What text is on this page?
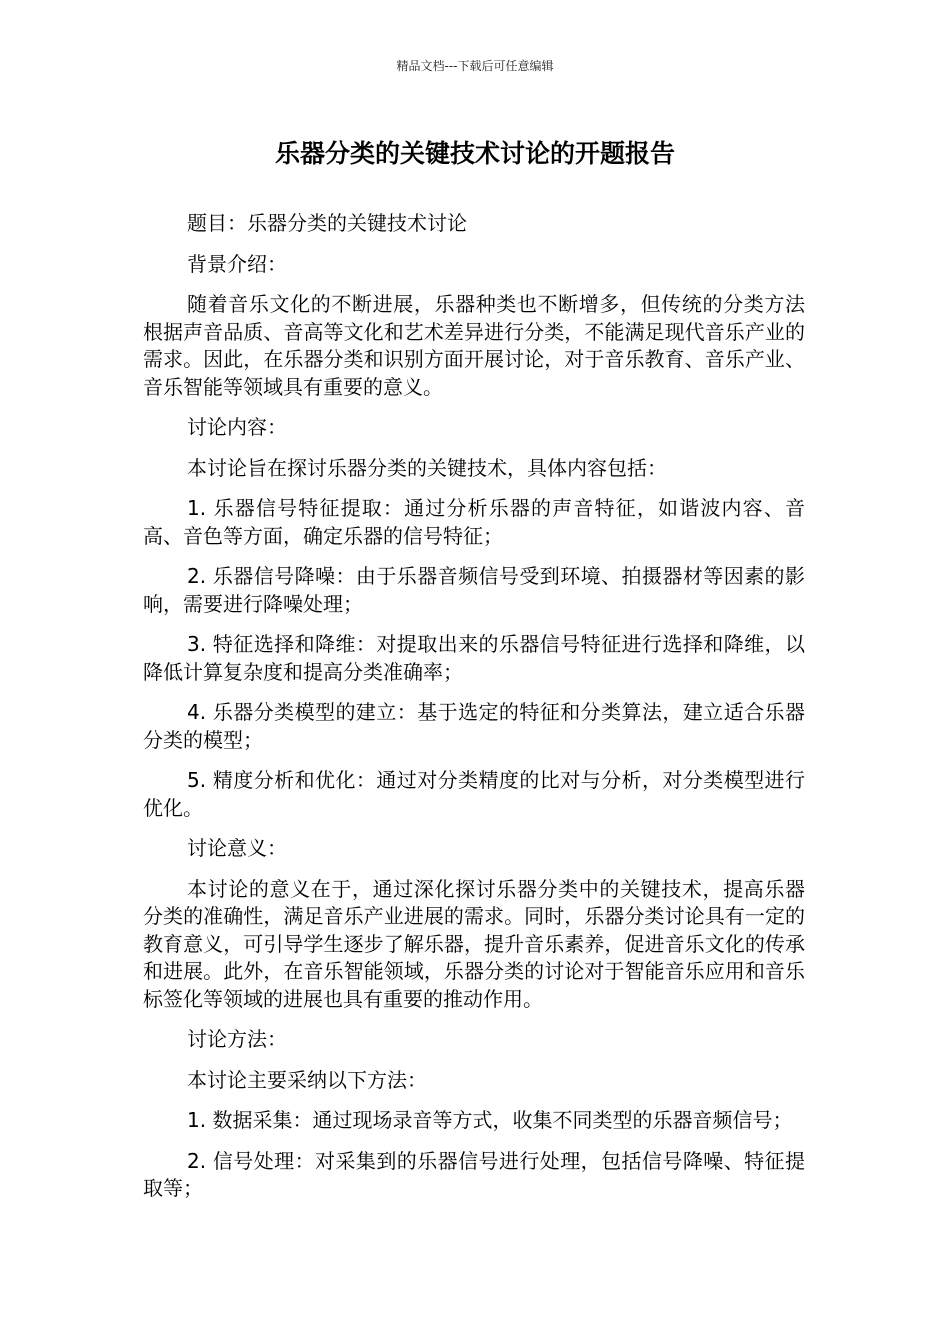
精品文档---下载后可任意编辑
乐器分类的关键技术讨论的开题报告

题目：乐器分类的关键技术讨论

背景介绍：

随着音乐文化的不断进展，乐器种类也不断增多，但传统的分类方法根据声音品质、音高等文化和艺术差异进行分类，不能满足现代音乐产业的需求。因此，在乐器分类和识别方面开展讨论，对于音乐教育、音乐产业、音乐智能等领域具有重要的意义。

讨论内容：

本讨论旨在探讨乐器分类的关键技术，具体内容包括：

1. 乐器信号特征提取：通过分析乐器的声音特征，如谐波内容、音高、音色等方面，确定乐器的信号特征；

2. 乐器信号降噪：由于乐器音频信号受到环境、拍摄器材等因素的影响，需要进行降噪处理；

3. 特征选择和降维：对提取出来的乐器信号特征进行选择和降维，以降低计算复杂度和提高分类准确率；

4. 乐器分类模型的建立：基于选定的特征和分类算法，建立适合乐器分类的模型；

5. 精度分析和优化：通过对分类精度的比对与分析，对分类模型进行优化。

讨论意义：

本讨论的意义在于，通过深化探讨乐器分类中的关键技术，提高乐器分类的准确性，满足音乐产业进展的需求。同时，乐器分类讨论具有一定的教育意义，可引导学生逐步了解乐器，提升音乐素养，促进音乐文化的传承和进展。此外，在音乐智能领域，乐器分类的讨论对于智能音乐应用和音乐标签化等领域的进展也具有重要的推动作用。

讨论方法：

本讨论主要采纳以下方法：

1. 数据采集：通过现场录音等方式，收集不同类型的乐器音频信号；

2. 信号处理：对采集到的乐器信号进行处理，包括信号降噪、特征提取等；
